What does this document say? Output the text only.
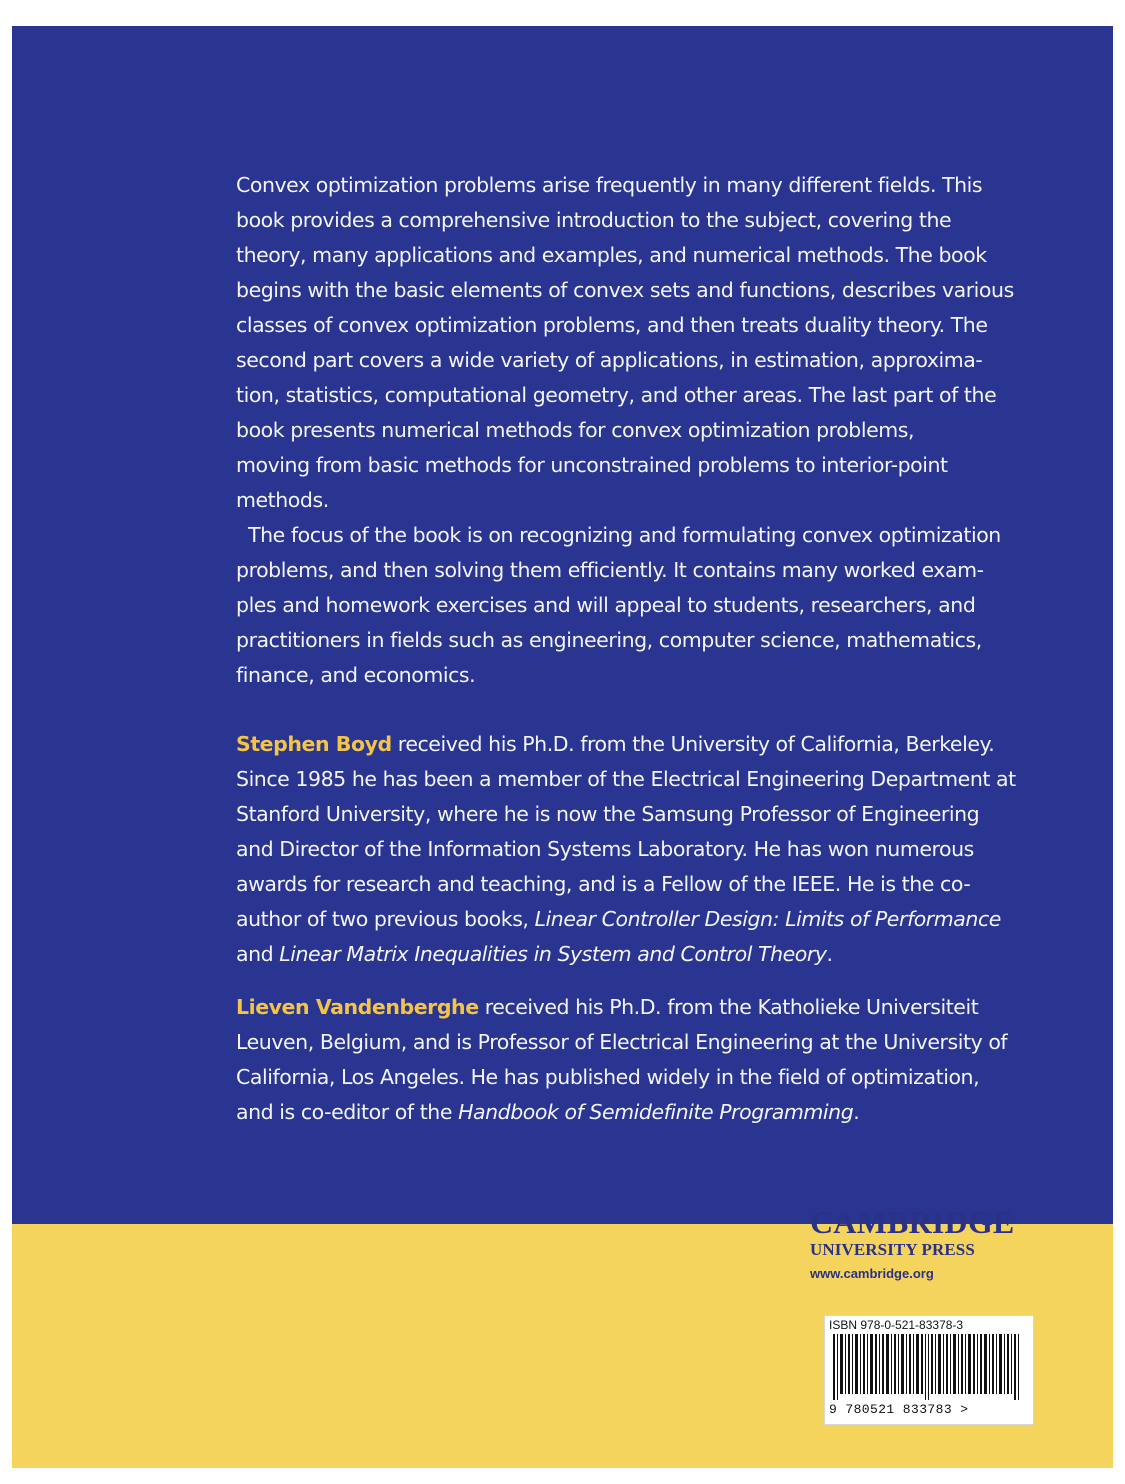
Convex optimization problems arise frequently in many different fields. This
book provides a comprehensive introduction to the subject, covering the
theory, many applications and examples, and numerical methods. The book
begins with the basic elements of convex sets and functions, describes various
classes of convex optimization problems, and then treats duality theory. The
second part covers a wide variety of applications, in estimation, approxima-
tion, statistics, computational geometry, and other areas. The last part of the
book presents numerical methods for convex optimization problems,
moving from basic methods for unconstrained problems to interior-point
methods.
The focus of the book is on recognizing and formulating convex optimization
problems, and then solving them efficiently. It contains many worked exam-
ples and homework exercises and will appeal to students, researchers, and
practitioners in fields such as engineering, computer science, mathematics,
finance, and economics.
Stephen Boyd received his Ph.D. from the University of California, Berkeley.
Since 1985 he has been a member of the Electrical Engineering Department at
Stanford University, where he is now the Samsung Professor of Engineering
and Director of the Information Systems Laboratory. He has won numerous
awards for research and teaching, and is a Fellow of the IEEE. He is the co-
author of two previous books, Linear Controller Design: Limits of Performance
and Linear Matrix Inequalities in System and Control Theory.
Lieven Vandenberghe received his Ph.D. from the Katholieke Universiteit
Leuven, Belgium, and is Professor of Electrical Engineering at the University of
California, Los Angeles. He has published widely in the field of optimization,
and is co-editor of the Handbook of Semidefinite Programming.
CAMBRIDGE
UNIVERSITY PRESS
www.cambridge.org
ISBN 978-0-521-83378-3
9 780521 833783 >
